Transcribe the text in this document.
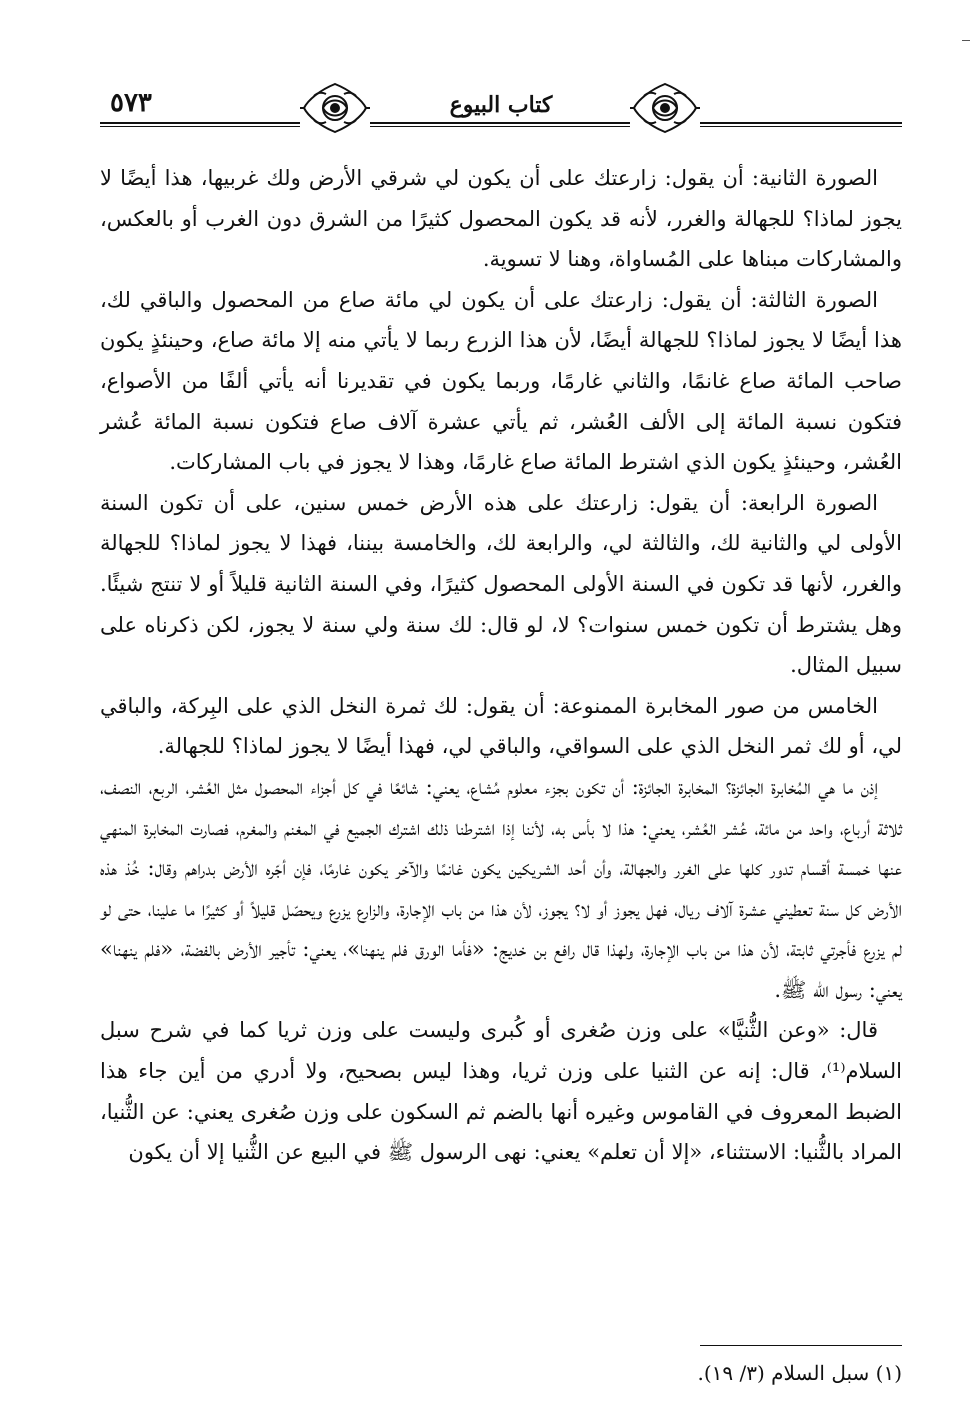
٥٧٣	كتاب البيوع

الصورة الثانية: أن يقول: زارعتك على أن يكون لي شرقي الأرض ولك غربيها، هذا أيضًا لا يجوز لماذا؟ للجهالة والغرر، لأنه قد يكون المحصول كثيرًا من الشرق دون الغرب أو بالعكس، والمشاركات مبناها على المُساواة، وهنا لا تسوية.

الصورة الثالثة: أن يقول: زارعتك على أن يكون لي مائة صاع من المحصول والباقي لك، هذا أيضًا لا يجوز لماذا؟ للجهالة أيضًا، لأن هذا الزرع ربما لا يأتي منه إلا مائة صاع، وحينئذٍ يكون صاحب المائة صاع غانمًا، والثاني غارمًا، وربما يكون في تقديرنا أنه يأتي ألفًا من الأصواع، فتكون نسبة المائة إلى الألف العُشر، ثم يأتي عشرة آلاف صاع فتكون نسبة المائة عُشر العُشر، وحينئذٍ يكون الذي اشترط المائة صاع غارمًا، وهذا لا يجوز في باب المشاركات.

الصورة الرابعة: أن يقول: زارعتك على هذه الأرض خمس سنين، على أن تكون السنة الأولى لي والثانية لك، والثالثة لي، والرابعة لك، والخامسة بيننا، فهذا لا يجوز لماذا؟ للجهالة والغرر، لأنها قد تكون في السنة الأولى المحصول كثيرًا، وفي السنة الثانية قليلاً أو لا تنتج شيئًا. وهل يشترط أن تكون خمس سنوات؟ لا، لو قال: لك سنة ولي سنة لا يجوز، لكن ذكرناه على سبيل المثال.

الخامس من صور المخابرة الممنوعة: أن يقول: لك ثمرة النخل الذي على البِركة، والباقي لي، أو لك ثمر النخل الذي على السواقي، والباقي لي، فهذا أيضًا لا يجوز لماذا؟ للجهالة.

إذن ما هي المُخابرة الجائزة؟ المخابرة الجائزة: أن تكون بجزء معلوم مُشاع، يعني: شائعًا في كل أجزاء المحصول مثل العُشر، الربع، النصف، ثلاثة أرباع، واحد من مائة، عُشر العُشر، يعني: هذا لا بأس به، لأننا إذا اشترطنا ذلك اشترك الجميع في المغنم والمغرم، فصارت المخابرة المنهي عنها خمسة أقسام تدور كلها على الغرر والجهالة، وأن أحد الشريكين يكون غانمًا والآخر يكون غارمًا، فإن أجّره الأرض بدراهم وقال: خُذ هذه الأرض كل سنة تعطيني عشرة آلاف ريال، فهل يجوز أو لا؟ يجوز، لأن هذا من باب الإجارة، والزارع يزرع ويحصّل قليلاً أو كثيرًا ما علينا، حتى لو لم يزرع فأجرتي ثابتة، لأن هذا من باب الإجارة، ولهذا قال رافع بن خديج: «فأما الورق فلم ينهنا»، يعني: تأجير الأرض بالفضة، «فلم ينهنا» يعني: رسول الله ﷺ.

قال: «وعن الثُّنيَّا» على وزن صُغرى أو كُبرى وليست على وزن ثريا كما في شرح سبل السلام⁽¹⁾، قال: إنه عن الثنيا على وزن ثريا، وهذا ليس بصحيح، ولا أدري من أين جاء هذا الضبط المعروف في القاموس وغيره أنها بالضم ثم السكون على وزن صُغرى يعني: عن الثُّنيا، المراد بالثُّنيا: الاستثناء، «إلا أن تعلم» يعني: نهى الرسول ﷺ في البيع عن الثُّنيا إلا أن يكون

(١) سبل السلام (٣/ ١٩).
